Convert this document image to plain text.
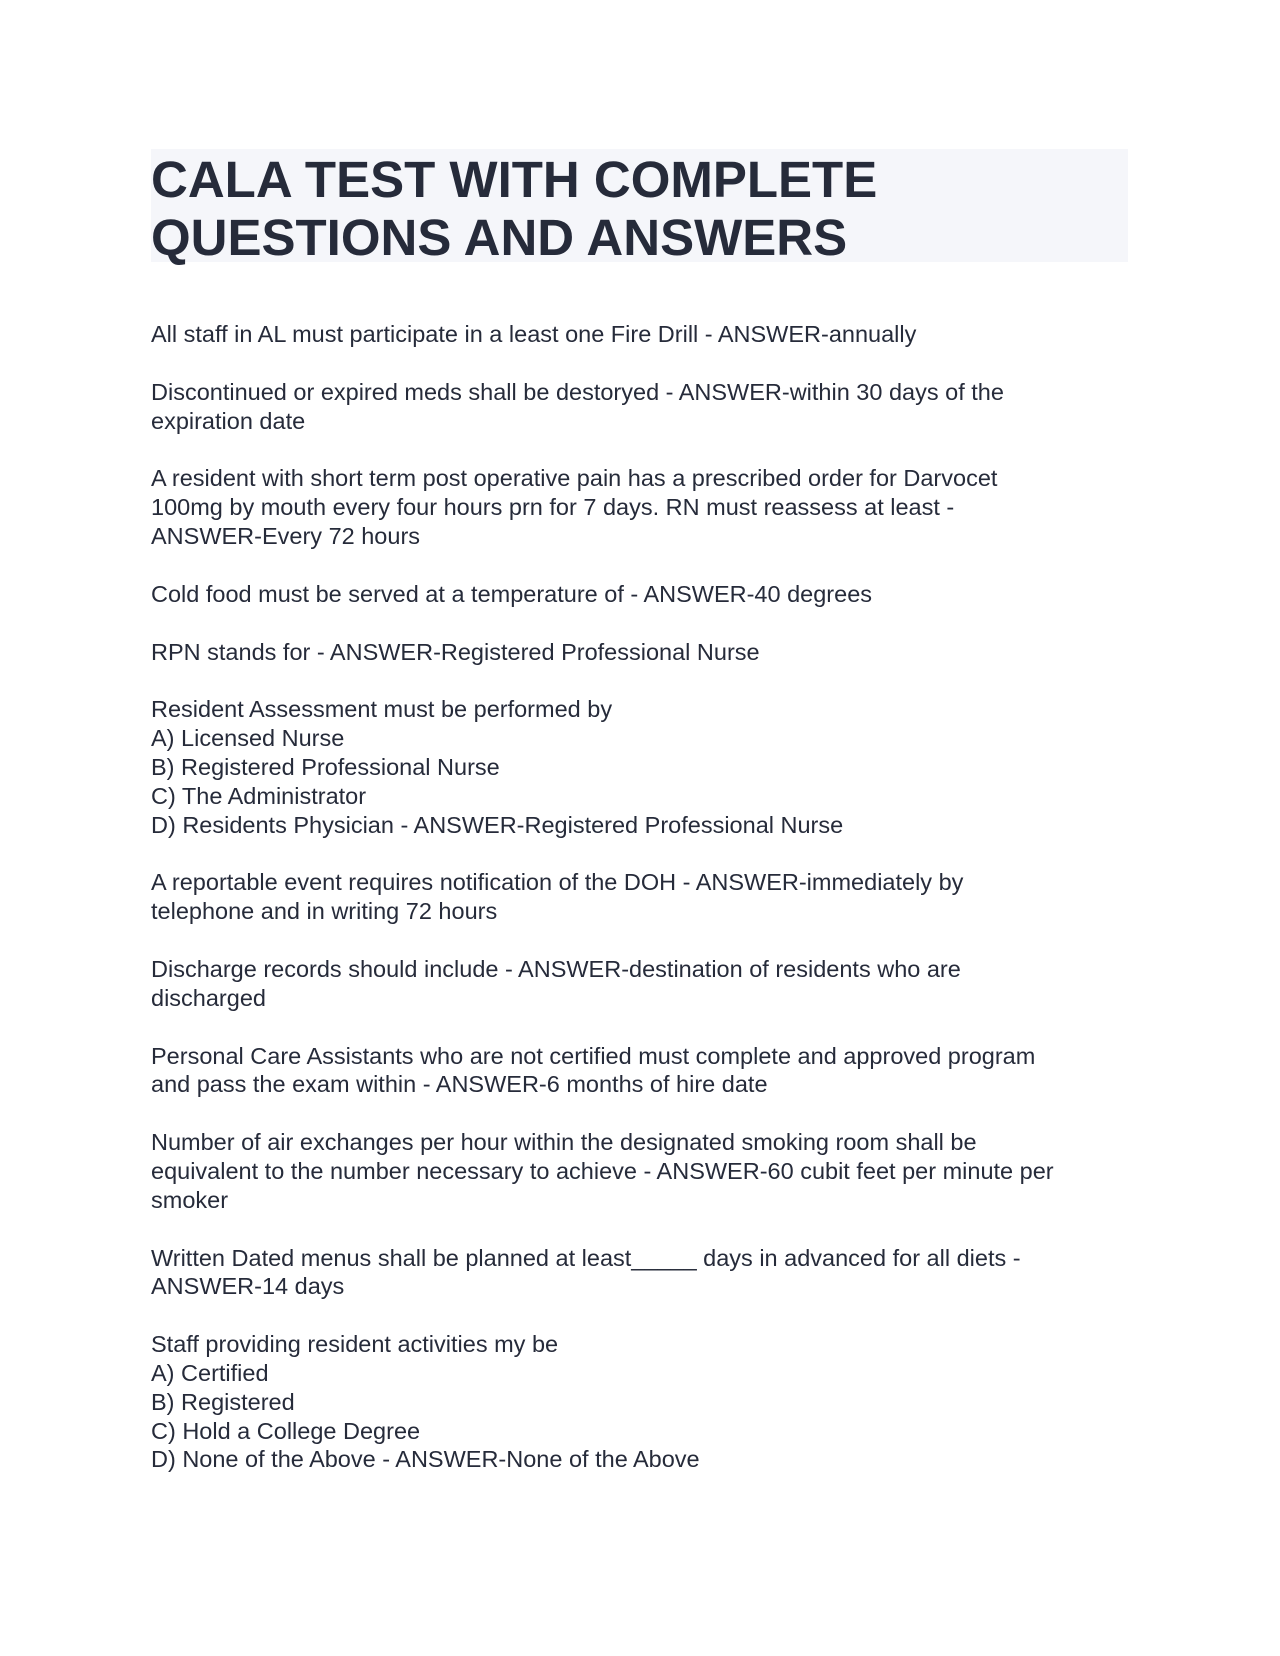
CALA TEST WITH COMPLETE
QUESTIONS AND ANSWERS
All staff in AL must participate in a least one Fire Drill - ANSWER-annually
Discontinued or expired meds shall be destoryed - ANSWER-within 30 days of the
expiration date
A resident with short term post operative pain has a prescribed order for Darvocet
100mg by mouth every four hours prn for 7 days. RN must reassess at least -
ANSWER-Every 72 hours
Cold food must be served at a temperature of - ANSWER-40 degrees
RPN stands for - ANSWER-Registered Professional Nurse
Resident Assessment must be performed by
A) Licensed Nurse
B) Registered Professional Nurse
C) The Administrator
D) Residents Physician - ANSWER-Registered Professional Nurse
A reportable event requires notification of the DOH - ANSWER-immediately by
telephone and in writing 72 hours
Discharge records should include - ANSWER-destination of residents who are
discharged
Personal Care Assistants who are not certified must complete and approved program
and pass the exam within - ANSWER-6 months of hire date
Number of air exchanges per hour within the designated smoking room shall be
equivalent to the number necessary to achieve - ANSWER-60 cubit feet per minute per
smoker
Written Dated menus shall be planned at least_____ days in advanced for all diets -
ANSWER-14 days
Staff providing resident activities my be
A) Certified
B) Registered
C) Hold a College Degree
D) None of the Above - ANSWER-None of the Above
